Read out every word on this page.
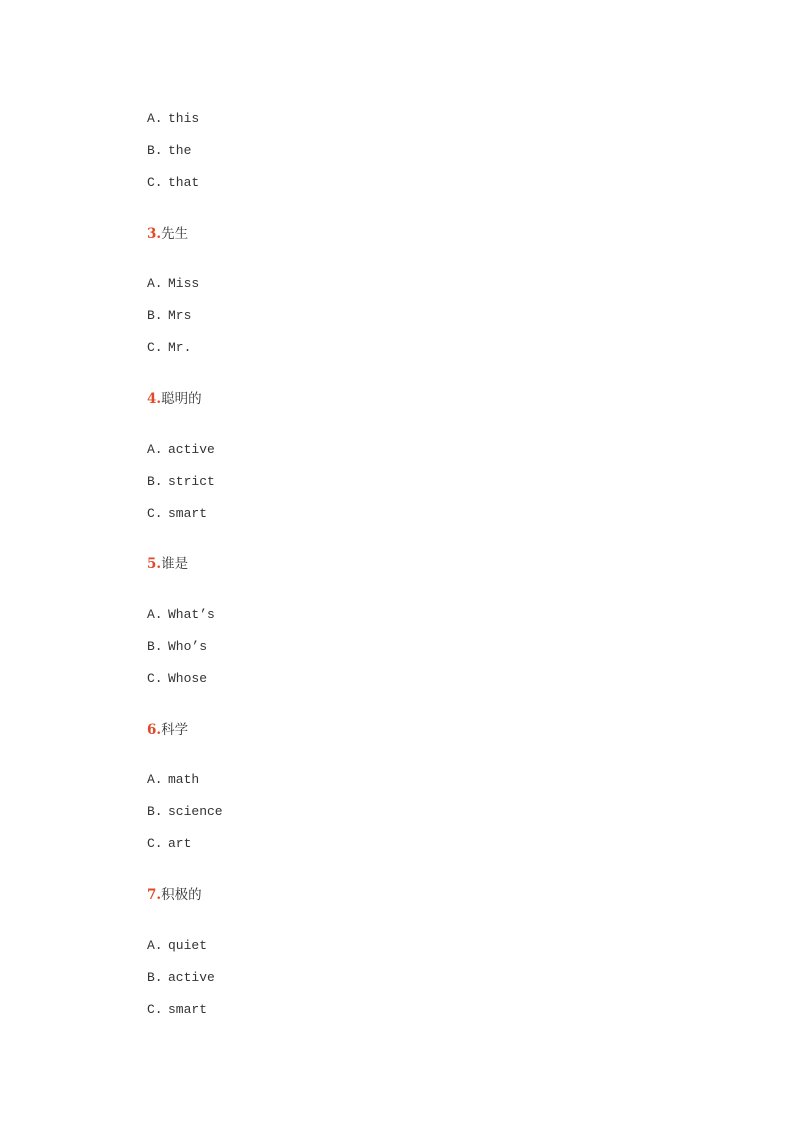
A. this
B. the
C. that
3.先生
A. Miss
B. Mrs
C. Mr.
4.聪明的
A. active
B. strict
C. smart
5.谁是
A. What’s
B. Who’s
C. Whose
6.科学
A. math
B. science
C. art
7.积极的
A. quiet
B. active
C. smart
